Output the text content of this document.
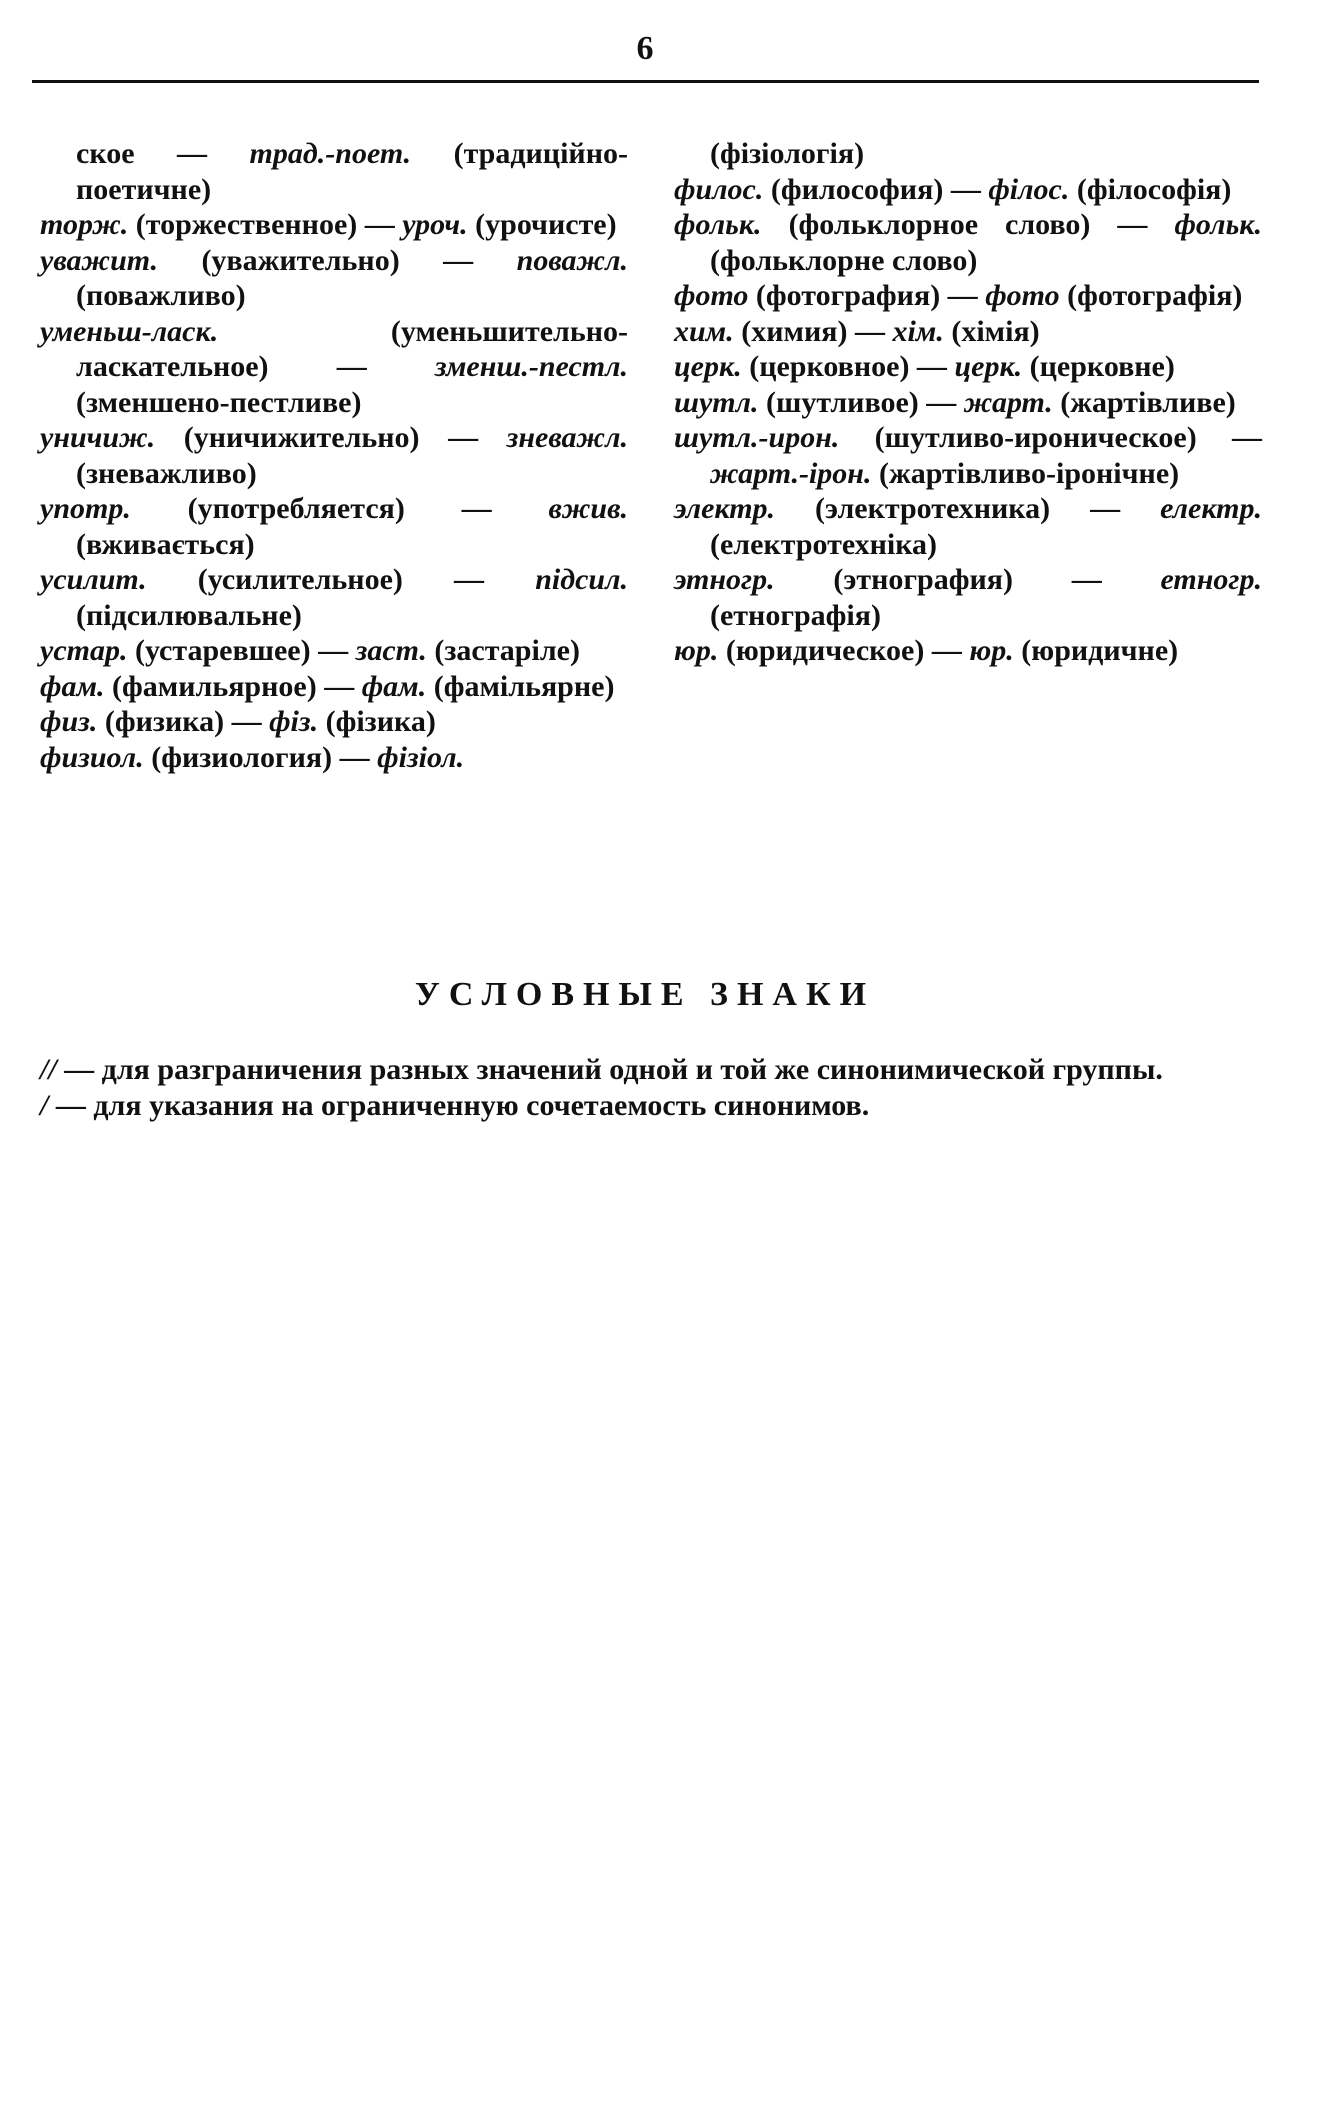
6

ское — трад.-поет. (традиційно-поетичне)

торж. (торжественное) — уроч. (урочисте)

уважит. (уважительно) — поважл. (поважливо)

уменьш-ласк. (уменьшительно-ласкательное) — зменш.-пестл. (зменшено-пестливе)

уничиж. (уничижительно) — зневажл. (зневажливо)

употр. (употребляется) — вжив. (вживається)

усилит. (усилительное) — підсил. (підсилювальне)

устар. (устаревшее) — заст. (застаріле)

фам. (фамильярное) — фам. (фамільярне)

физ. (физика) — фіз. (фізика)

физиол. (физиология) — фізіол.

(фізіологія)

филос. (философия) — філос. (філософія)

фольк. (фольклорное слово) — фольк. (фольклорне слово)

фото (фотография) — фото (фотографія)

хим. (химия) — хім. (хімія)

церк. (церковное) — церк. (церковне)

шутл. (шутливое) — жарт. (жартівливе)

шутл.-ирон. (шутливо-ироническое) — жарт.-ірон. (жартівливо-іронічне)

электр. (электротехника) — електр. (електротехніка)

этногр. (этнография) — етногр. (етнографія)

юр. (юридическое) — юр. (юридичне)

УСЛОВНЫЕ ЗНАКИ

// — для разграничения разных значений одной и той же синонимической группы.

/ — для указания на ограниченную сочетаемость синонимов.
